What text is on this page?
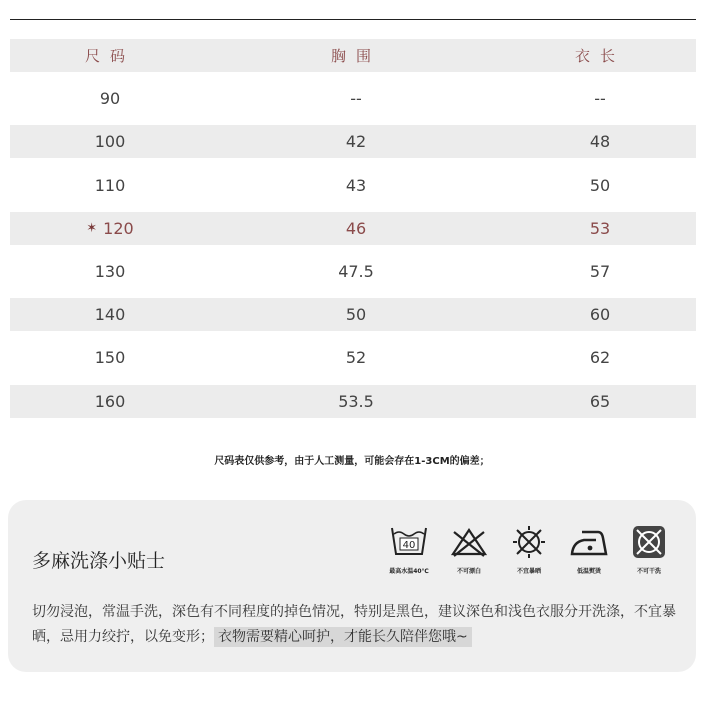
尺码	胸围	衣长
90	--	--
100	42	48
110	43	50
✶ 120	46	53
130	47.5	57
140	50	60
150	52	62
160	53.5	65
尺码表仅供参考，由于人工测量，可能会存在1-3CM的偏差；
多麻洗涤小贴士
40
最高水温40℃	不可漂白	不宜暴晒	低温熨烫	不可干洗
切勿浸泡，常温手洗，深色有不同程度的掉色情况，特别是黑色，建议深色和浅色衣服分开洗涤，不宜暴晒，忌用力绞拧，以免变形； 衣物需要精心呵护，才能长久陪伴您哦~
